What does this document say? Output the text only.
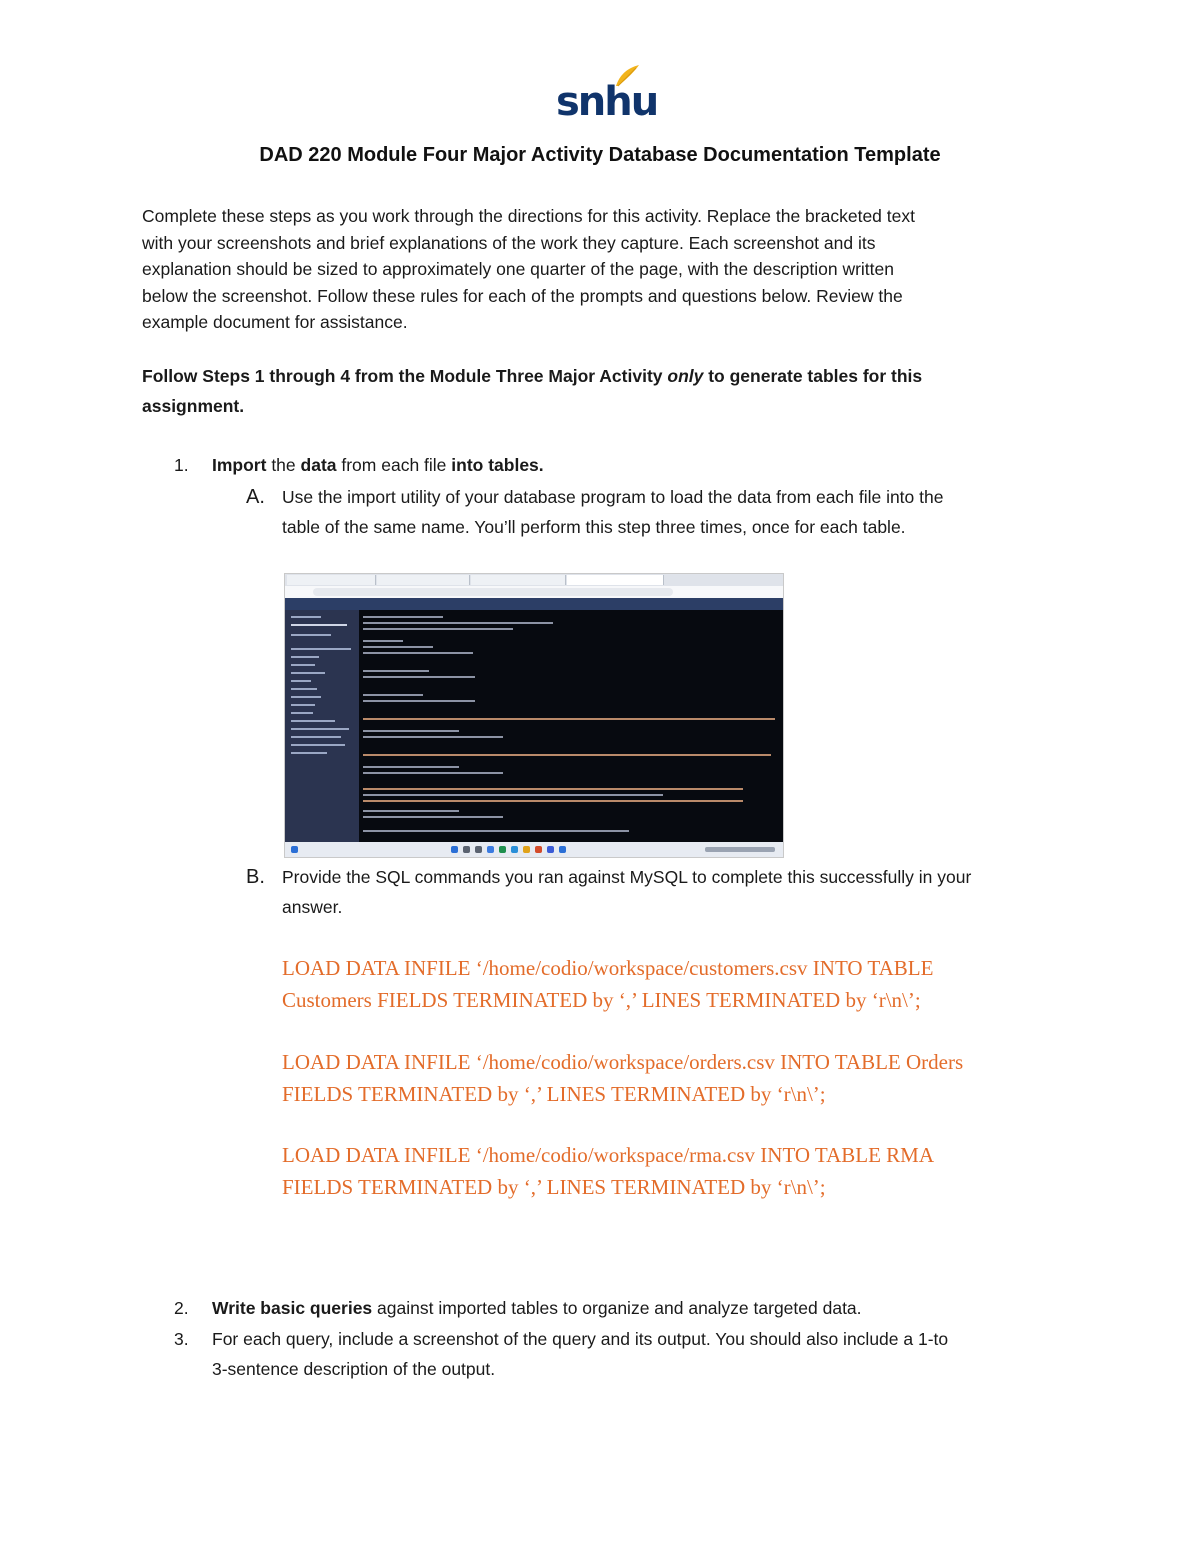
snhu
DAD 220 Module Four Major Activity Database Documentation Template

Complete these steps as you work through the directions for this activity. Replace the bracketed text
with your screenshots and brief explanations of the work they capture. Each screenshot and its
explanation should be sized to approximately one quarter of the page, with the description written
below the screenshot. Follow these rules for each of the prompts and questions below. Review the
example document for assistance.

Follow Steps 1 through 4 from the Module Three Major Activity only to generate tables for this
assignment.

1. Import the data from each file into tables.

A. Use the import utility of your database program to load the data from each file into the
table of the same name. You’ll perform this step three times, once for each table.

B. Provide the SQL commands you ran against MySQL to complete this successfully in your
answer.

LOAD DATA INFILE ‘/home/codio/workspace/customers.csv INTO TABLE
Customers FIELDS TERMINATED by ‘,’ LINES TERMINATED by ‘r\n\’;

LOAD DATA INFILE ‘/home/codio/workspace/orders.csv INTO TABLE Orders
FIELDS TERMINATED by ‘,’ LINES TERMINATED by ‘r\n\’;

LOAD DATA INFILE ‘/home/codio/workspace/rma.csv INTO TABLE RMA
FIELDS TERMINATED by ‘,’ LINES TERMINATED by ‘r\n\’;

2. Write basic queries against imported tables to organize and analyze targeted data.

3. For each query, include a screenshot of the query and its output. You should also include a 1-to
3-sentence description of the output.
